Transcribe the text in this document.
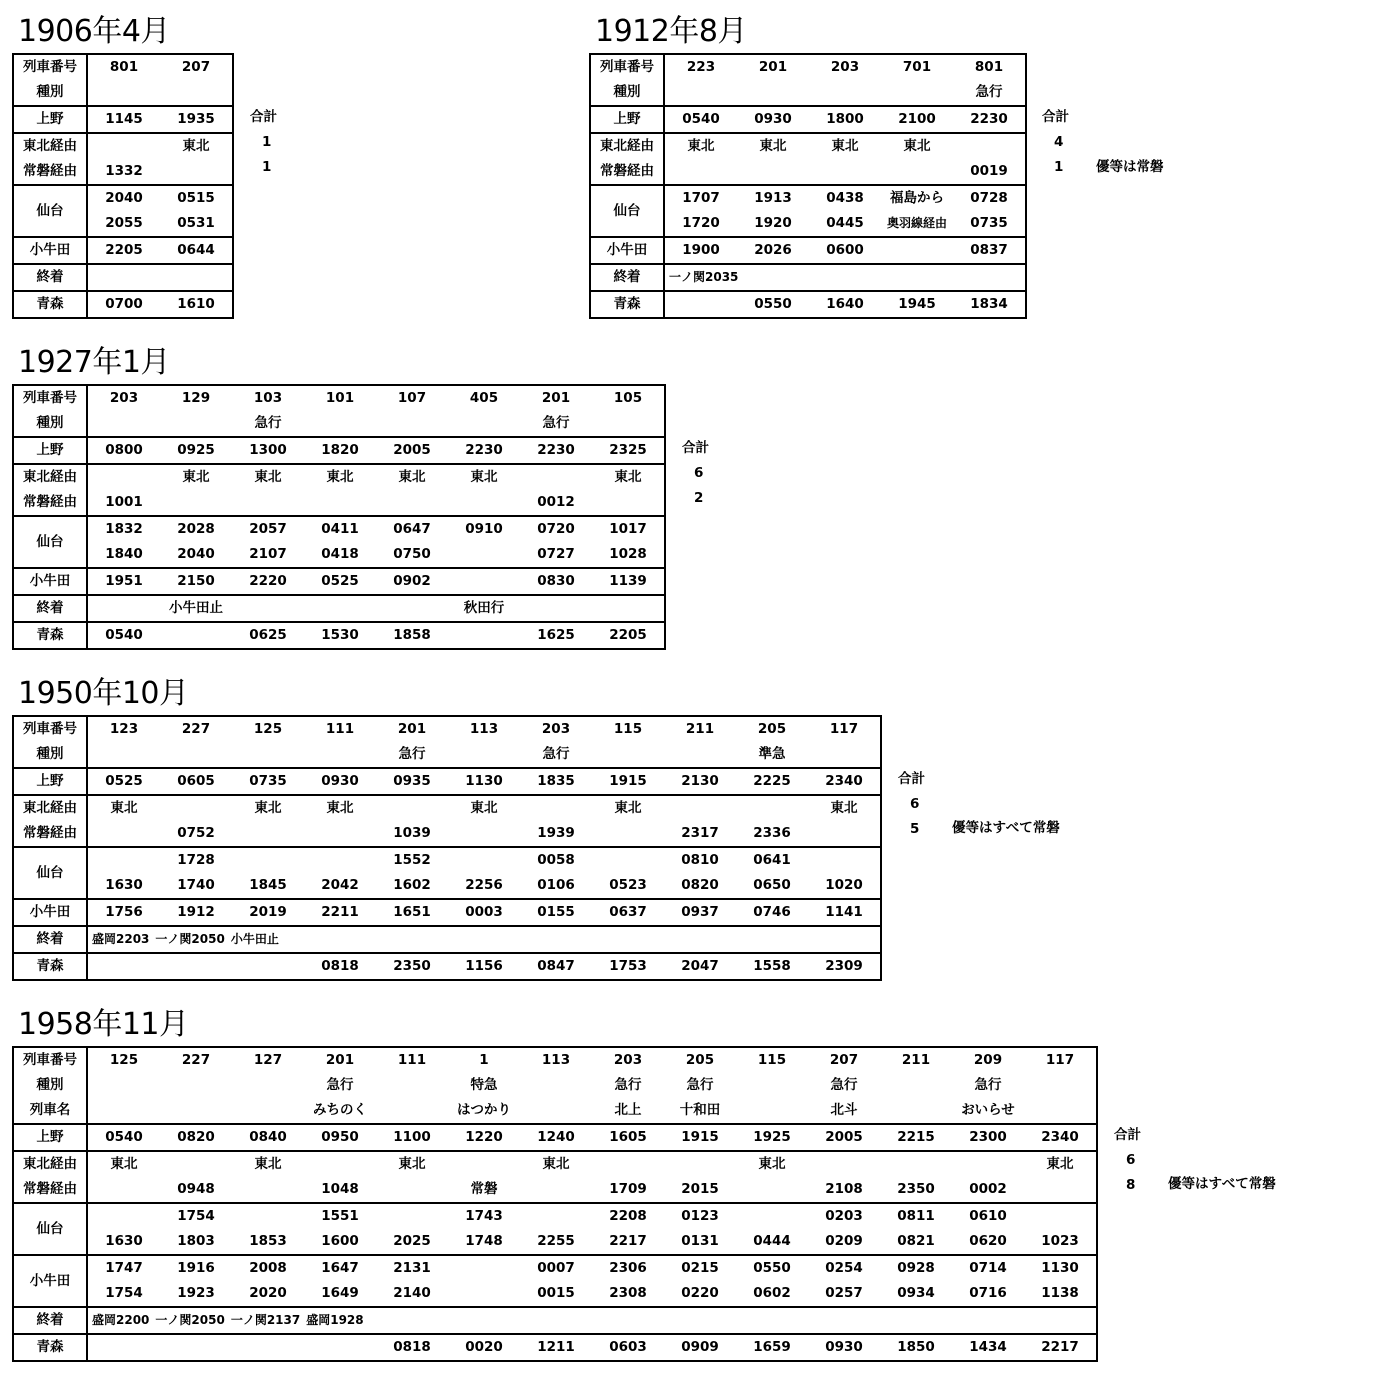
1906年4月
列車番号	801	207
種別		
上野	1145	1935
東北経由		東北
常磐経由	1332	
仙台	2040	0515
	2055	0531
小牛田	2205	0644
終着		
青森	0700	1610
合計
1
1
1912年8月
列車番号	223	201	203	701	801
種別					急行
上野	0540	0930	1800	2100	2230
東北経由	東北	東北	東北	東北	
常磐経由					0019
仙台	1707	1913	0438	福島から	0728
	1720	1920	0445	奥羽線経由	0735
小牛田	1900	2026	0600		0837
終着	一ノ関2035				
青森		0550	1640	1945	1834
合計
4
1 優等は常磐
1927年1月
列車番号	203	129	103	101	107	405	201	105
種別			急行				急行	
上野	0800	0925	1300	1820	2005	2230	2230	2325
東北経由		東北	東北	東北	東北	東北		東北
常磐経由	1001						0012	
仙台	1832	2028	2057	0411	0647	0910	0720	1017
	1840	2040	2107	0418	0750		0727	1028
小牛田	1951	2150	2220	0525	0902		0830	1139
終着		小牛田止				秋田行		
青森	0540		0625	1530	1858		1625	2205
合計
6
2
1950年10月
列車番号	123	227	125	111	201	113	203	115	211	205	117
種別					急行		急行			準急	
上野	0525	0605	0735	0930	0935	1130	1835	1915	2130	2225	2340
東北経由	東北		東北	東北		東北		東北			東北
常磐経由		0752			1039		1939		2317	2336	
仙台		1728			1552		0058		0810	0641	
	1630	1740	1845	2042	1602	2256	0106	0523	0820	0650	1020
小牛田	1756	1912	2019	2211	1651	0003	0155	0637	0937	0746	1141
終着	盛岡2203 一ノ関2050 小牛田止										
青森				0818	2350	1156	0847	1753	2047	1558	2309
合計
6
5 優等はすべて常磐
1958年11月
列車番号	125	227	127	201	111	1	113	203	205	115	207	211	209	117
種別				急行		特急		急行	急行		急行		急行	
列車名				みちのく		はつかり		北上	十和田		北斗		おいらせ	
上野	0540	0820	0840	0950	1100	1220	1240	1605	1915	1925	2005	2215	2300	2340
東北経由	東北		東北		東北		東北			東北				東北
常磐経由		0948		1048		常磐		1709	2015		2108	2350	0002	
仙台		1754		1551		1743		2208	0123		0203	0811	0610	
	1630	1803	1853	1600	2025	1748	2255	2217	0131	0444	0209	0821	0620	1023
小牛田	1747	1916	2008	1647	2131		0007	2306	0215	0550	0254	0928	0714	1130
	1754	1923	2020	1649	2140		0015	2308	0220	0602	0257	0934	0716	1138
終着	盛岡2200 一ノ関2050 一ノ関2137 盛岡1928													
青森					0818	0020	1211	0603	0909	1659	0930	1850	1434	2217
合計
6
8 優等はすべて常磐
